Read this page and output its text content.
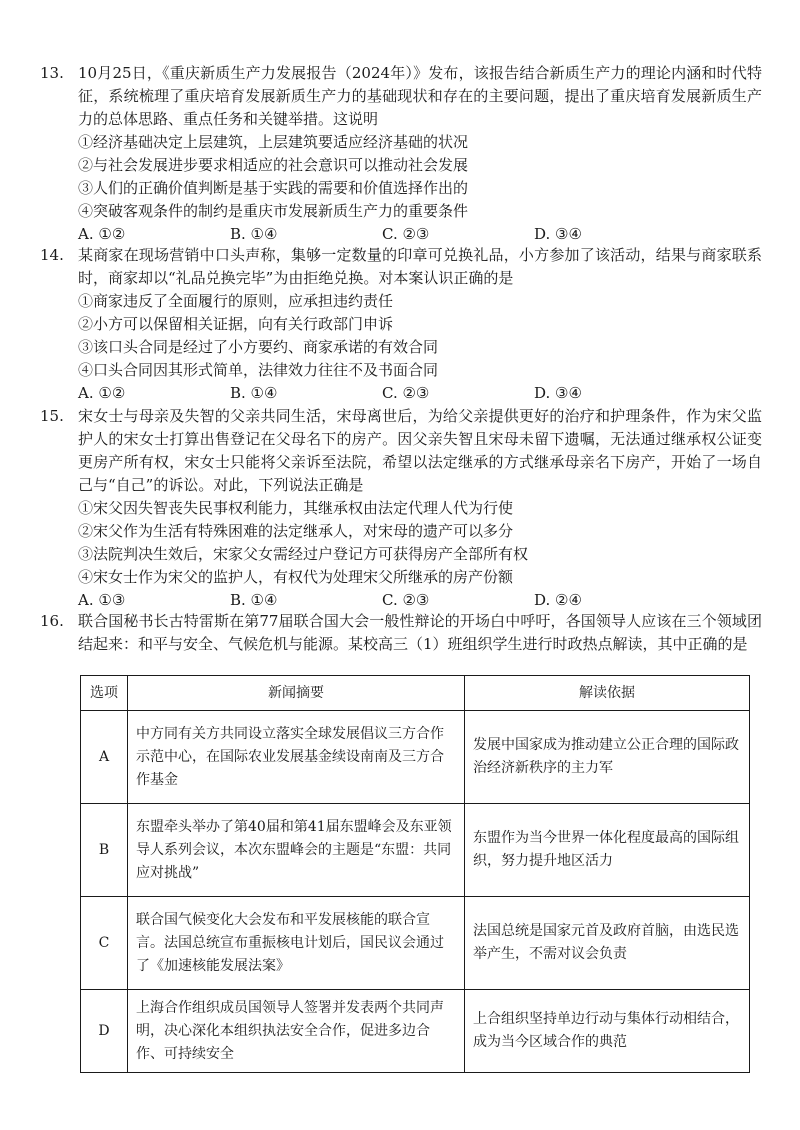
13. 10月25日，《重庆新质生产力发展报告（2024年）》发布，该报告结合新质生产力的理论内涵和时代特征，系统梳理了重庆培育发展新质生产力的基础现状和存在的主要问题，提出了重庆培育发展新质生产力的总体思路、重点任务和关键举措。这说明
①经济基础决定上层建筑，上层建筑要适应经济基础的状况
②与社会发展进步要求相适应的社会意识可以推动社会发展
③人们的正确价值判断是基于实践的需要和价值选择作出的
④突破客观条件的制约是重庆市发展新质生产力的重要条件
A. ①②	B. ①④	C. ②③	D. ③④
14. 某商家在现场营销中口头声称，集够一定数量的印章可兑换礼品，小方参加了该活动，结果与商家联系时，商家却以“礼品兑换完毕”为由拒绝兑换。对本案认识正确的是
①商家违反了全面履行的原则，应承担违约责任
②小方可以保留相关证据，向有关行政部门申诉
③该口头合同是经过了小方要约、商家承诺的有效合同
④口头合同因其形式简单，法律效力往往不及书面合同
A. ①②	B. ①④	C. ②③	D. ③④
15. 宋女士与母亲及失智的父亲共同生活，宋母离世后，为给父亲提供更好的治疗和护理条件，作为宋父监护人的宋女士打算出售登记在父母名下的房产。因父亲失智且宋母未留下遗嘱，无法通过继承权公证变更房产所有权，宋女士只能将父亲诉至法院，希望以法定继承的方式继承母亲名下房产，开始了一场自己与“自己”的诉讼。对此，下列说法正确是
①宋父因失智丧失民事权利能力，其继承权由法定代理人代为行使
②宋父作为生活有特殊困难的法定继承人，对宋母的遗产可以多分
③法院判决生效后，宋家父女需经过户登记方可获得房产全部所有权
④宋女士作为宋父的监护人，有权代为处理宋父所继承的房产份额
A. ①③	B. ①④	C. ②③	D. ②④
16. 联合国秘书长古特雷斯在第77届联合国大会一般性辩论的开场白中呼吁，各国领导人应该在三个领域团结起来：和平与安全、气候危机与能源。某校高三（1）班组织学生进行时政热点解读，其中正确的是
选项	新闻摘要	解读依据
A	中方同有关方共同设立落实全球发展倡议三方合作示范中心，在国际农业发展基金续设南南及三方合作基金	发展中国家成为推动建立公正合理的国际政治经济新秩序的主力军
B	东盟牵头举办了第40届和第41届东盟峰会及东亚领导人系列会议，本次东盟峰会的主题是“东盟：共同应对挑战”	东盟作为当今世界一体化程度最高的国际组织，努力提升地区活力
C	联合国气候变化大会发布和平发展核能的联合宣言。法国总统宣布重振核电计划后，国民议会通过了《加速核能发展法案》	法国总统是国家元首及政府首脑，由选民选举产生，不需对议会负责
D	上海合作组织成员国领导人签署并发表两个共同声明，决心深化本组织执法安全合作，促进多边合作、可持续安全	上合组织坚持单边行动与集体行动相结合，成为当今区域合作的典范
